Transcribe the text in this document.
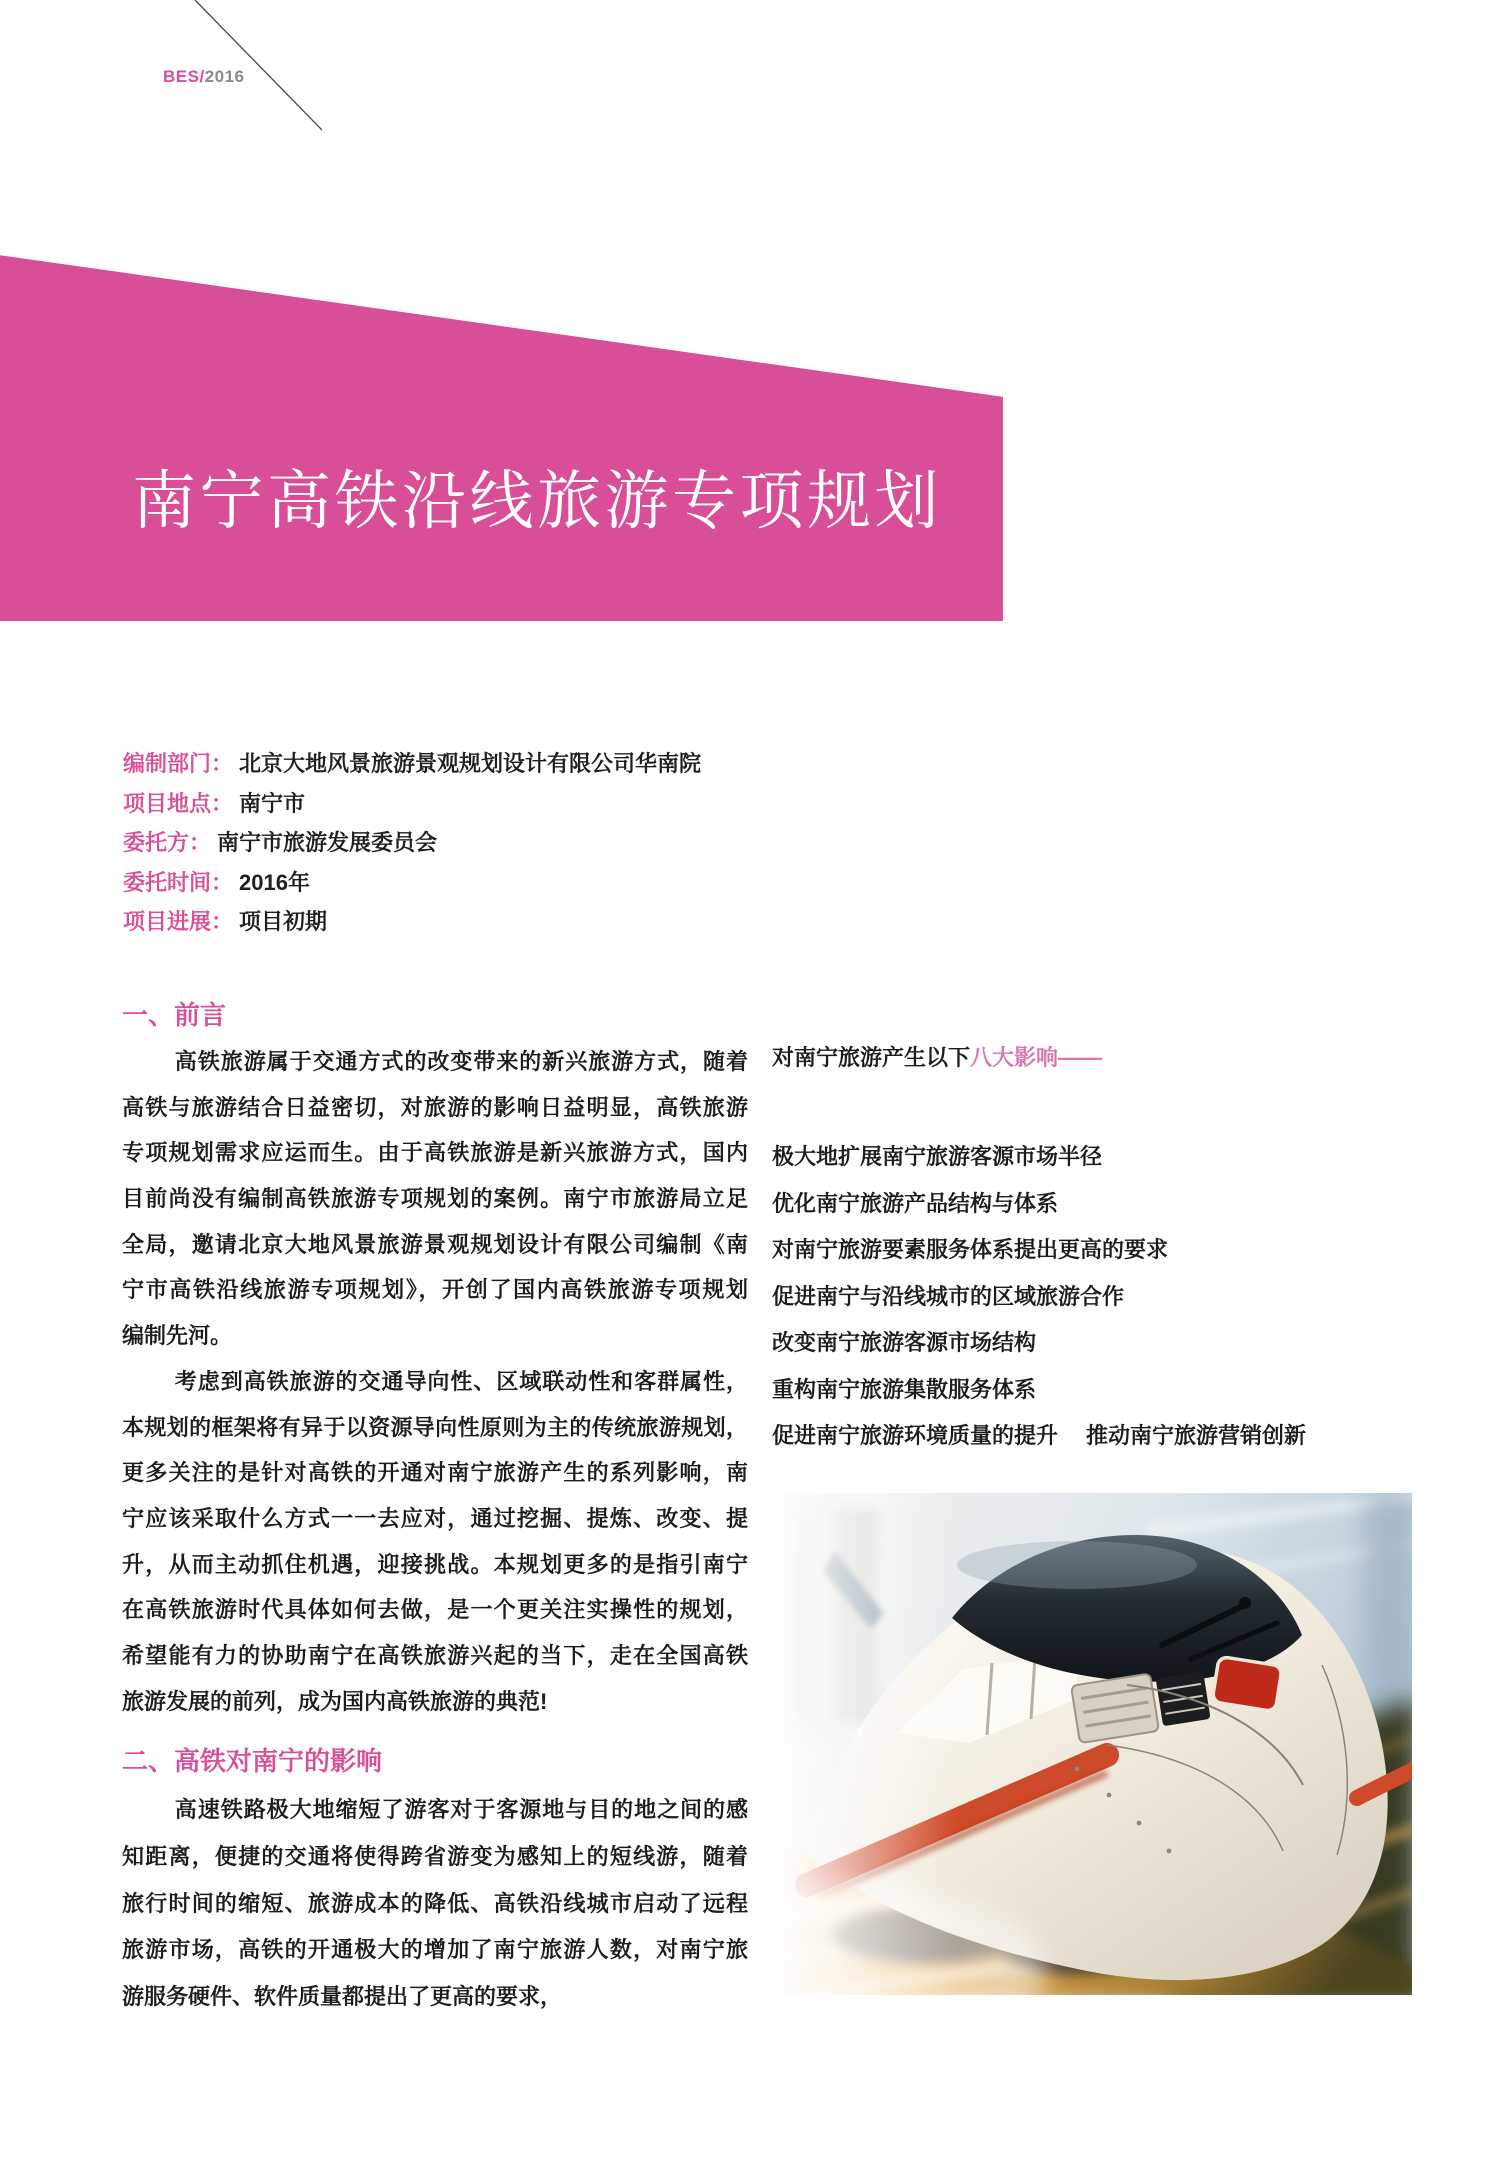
BES/2016
南宁高铁沿线旅游专项规划
编制部门： 北京大地风景旅游景观规划设计有限公司华南院
项目地点： 南宁市
委托方： 南宁市旅游发展委员会
委托时间： 2016年
项目进展： 项目初期
一、前言
高铁旅游属于交通方式的改变带来的新兴旅游方式，随着
高铁与旅游结合日益密切，对旅游的影响日益明显，高铁旅游
专项规划需求应运而生。由于高铁旅游是新兴旅游方式，国内
目前尚没有编制高铁旅游专项规划的案例。南宁市旅游局立足
全局，邀请北京大地风景旅游景观规划设计有限公司编制《南
宁市高铁沿线旅游专项规划》，开创了国内高铁旅游专项规划
编制先河。
考虑到高铁旅游的交通导向性、区域联动性和客群属性，
本规划的框架将有异于以资源导向性原则为主的传统旅游规划，
更多关注的是针对高铁的开通对南宁旅游产生的系列影响，南
宁应该采取什么方式一一去应对，通过挖掘、提炼、改变、提
升，从而主动抓住机遇，迎接挑战。本规划更多的是指引南宁
在高铁旅游时代具体如何去做，是一个更关注实操性的规划，
希望能有力的协助南宁在高铁旅游兴起的当下，走在全国高铁
旅游发展的前列，成为国内高铁旅游的典范!
二、高铁对南宁的影响
高速铁路极大地缩短了游客对于客源地与目的地之间的感
知距离，便捷的交通将使得跨省游变为感知上的短线游，随着
旅行时间的缩短、旅游成本的降低、高铁沿线城市启动了远程
旅游市场，高铁的开通极大的增加了南宁旅游人数，对南宁旅
游服务硬件、软件质量都提出了更高的要求，
对南宁旅游产生以下八大影响——
极大地扩展南宁旅游客源市场半径
优化南宁旅游产品结构与体系
对南宁旅游要素服务体系提出更高的要求
促进南宁与沿线城市的区域旅游合作
改变南宁旅游客源市场结构
重构南宁旅游集散服务体系
促进南宁旅游环境质量的提升 推动南宁旅游营销创新
